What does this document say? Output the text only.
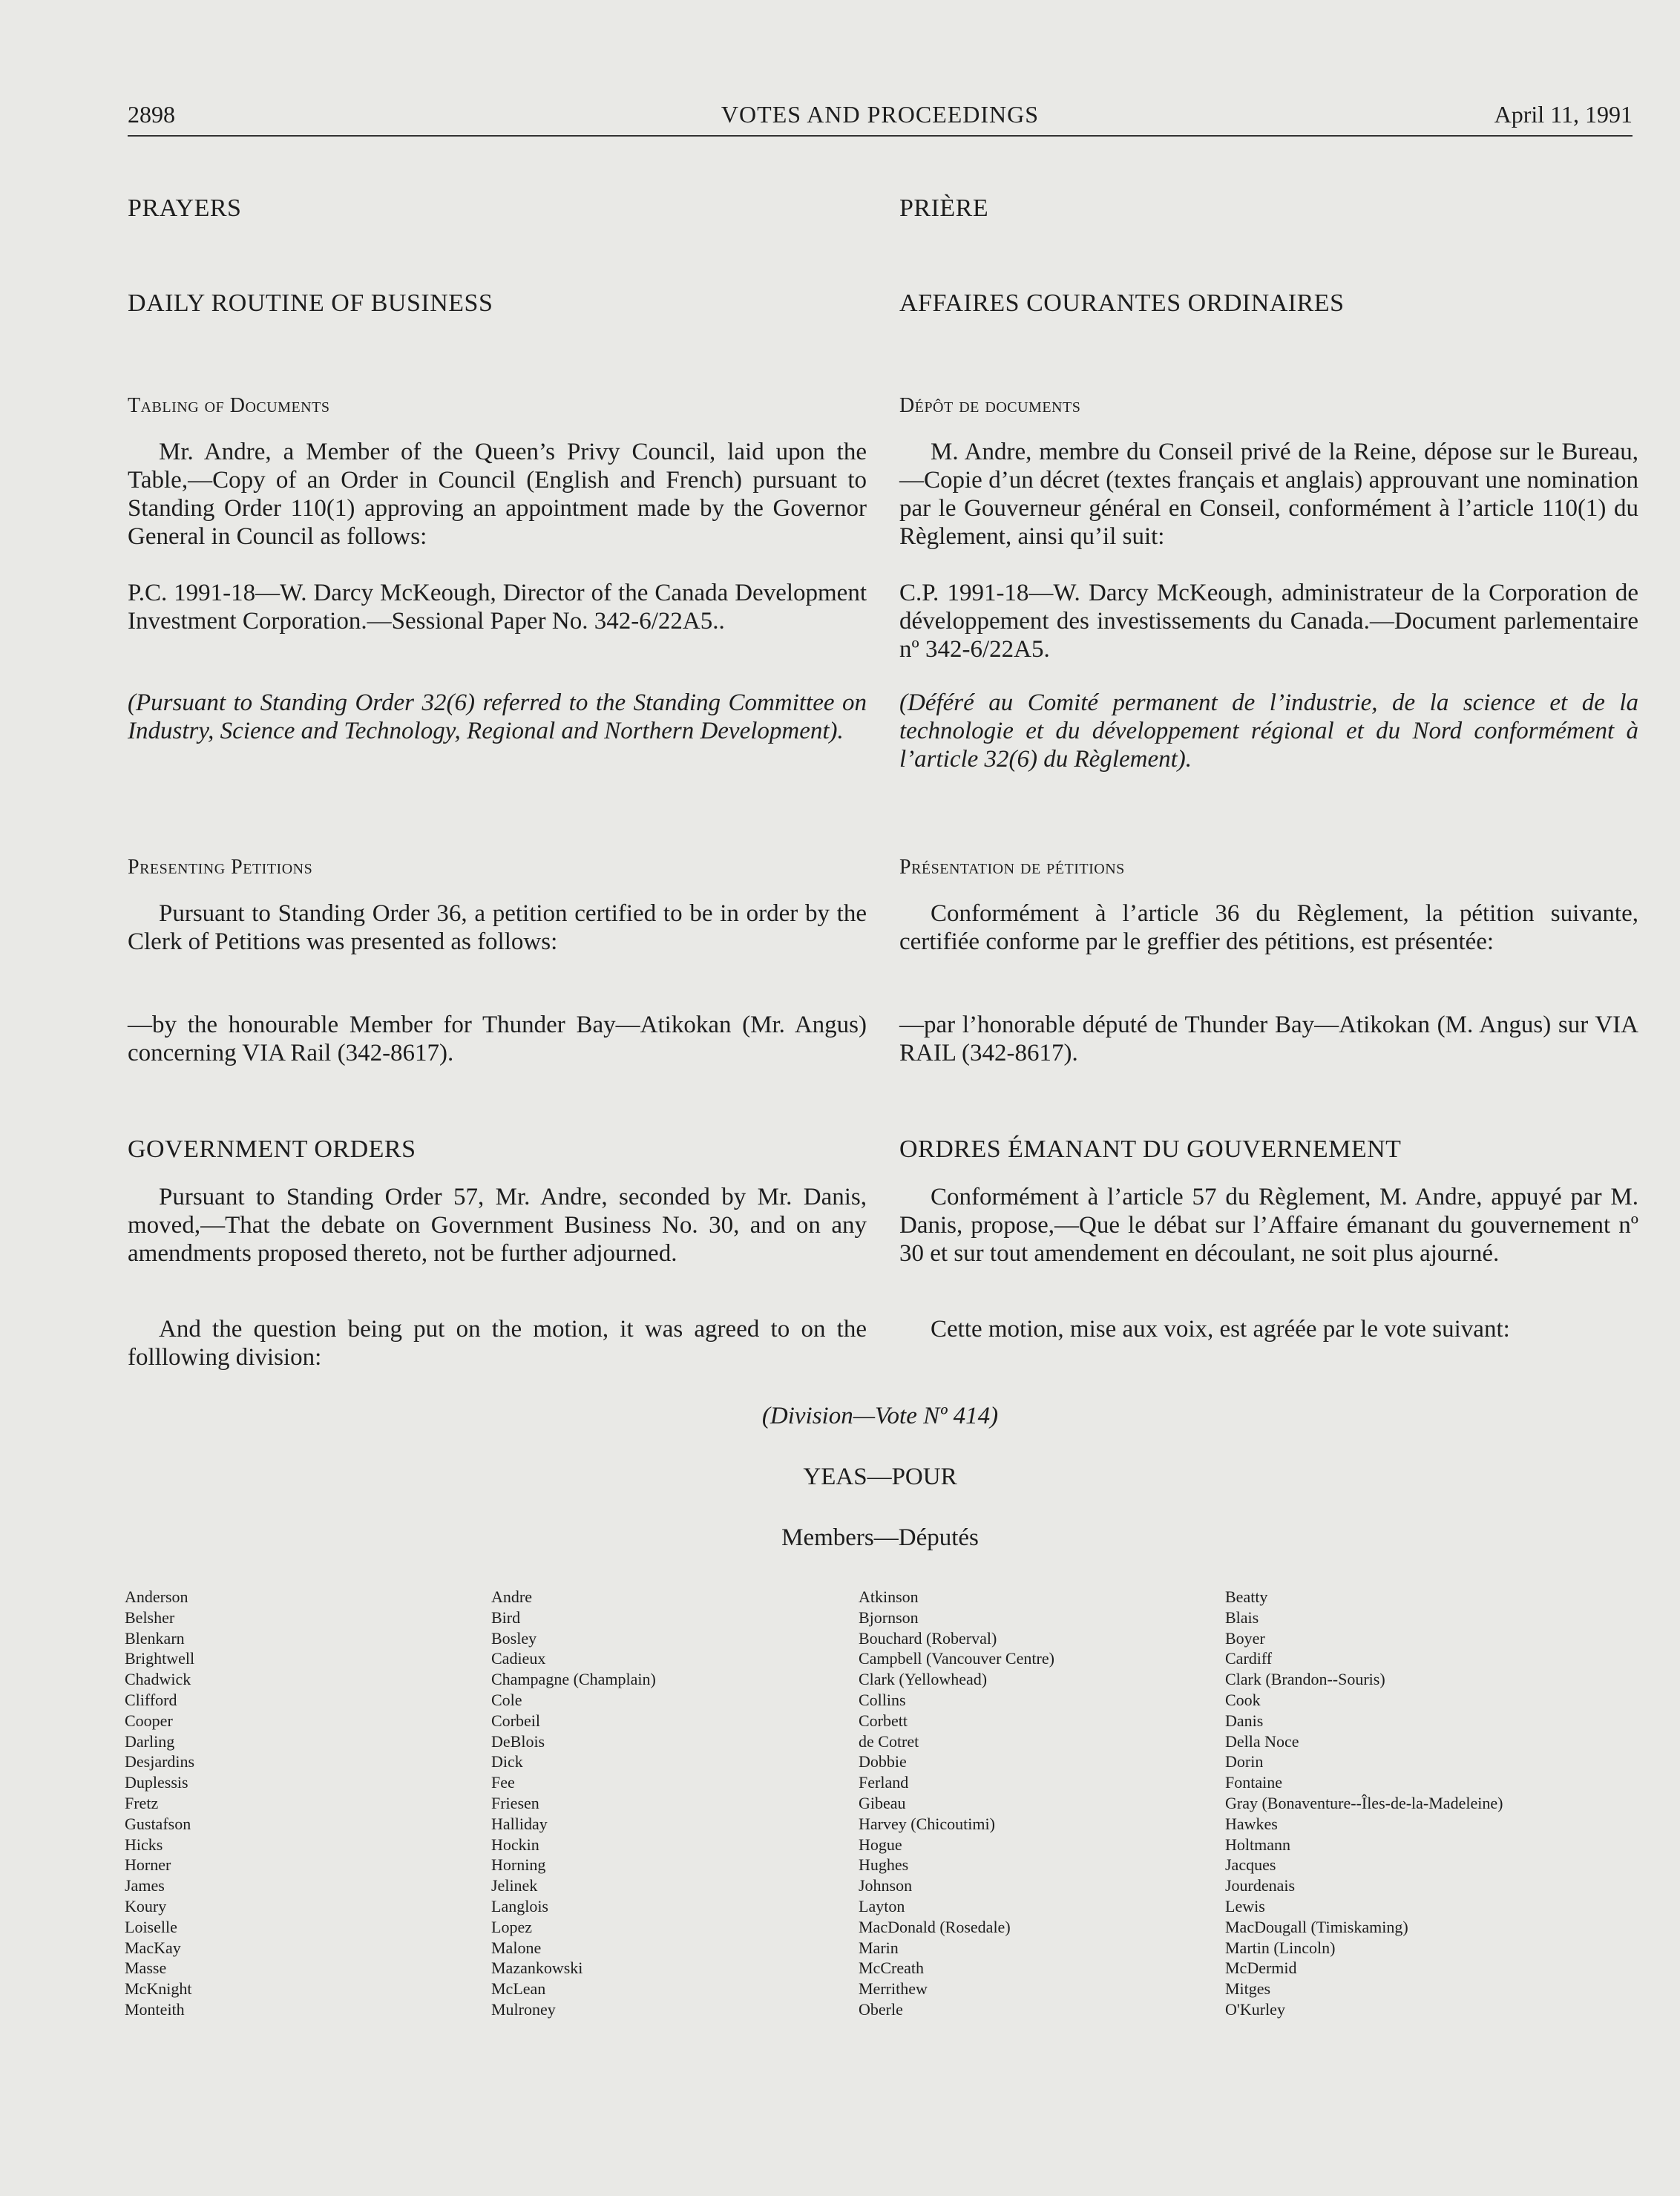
2898	VOTES AND PROCEEDINGS	April 11, 1991
PRAYERS
DAILY ROUTINE OF BUSINESS
Tabling of Documents

Mr. Andre, a Member of the Queen’s Privy Council, laid upon the Table,—Copy of an Order in Council (English and French) pursuant to Standing Order 110(1) approving an appointment made by the Governor General in Council as follows:

P.C. 1991-18—W. Darcy McKeough, Director of the Canada Development Investment Corporation.—Sessional Paper No. 342-6/22A5..

(Pursuant to Standing Order 32(6) referred to the Standing Committee on Industry, Science and Technology, Regional and Northern Development).

Presenting Petitions

Pursuant to Standing Order 36, a petition certified to be in order by the Clerk of Petitions was presented as follows:

—by the honourable Member for Thunder Bay—Atikokan (Mr. Angus) concerning VIA Rail (342-8617).

GOVERNMENT ORDERS

Pursuant to Standing Order 57, Mr. Andre, seconded by Mr. Danis, moved,—That the debate on Government Business No. 30, and on any amendments proposed thereto, not be further adjourned.

And the question being put on the motion, it was agreed to on the folllowing division:

PRIÈRE
AFFAIRES COURANTES ORDINAIRES
Dépôt de documents

M. Andre, membre du Conseil privé de la Reine, dépose sur le Bureau,—Copie d’un décret (textes français et anglais) approuvant une nomination par le Gouverneur général en Conseil, conformément à l’article 110(1) du Règlement, ainsi qu’il suit:

C.P. 1991-18—W. Darcy McKeough, administrateur de la Corporation de développement des investissements du Canada.—Document parlementaire nº 342-6/22A5.

(Déféré au Comité permanent de l’industrie, de la science et de la technologie et du développement régional et du Nord conformément à l’article 32(6) du Règlement).

Présentation de pétitions

Conformément à l’article 36 du Règlement, la pétition suivante, certifiée conforme par le greffier des pétitions, est présentée:

—par l’honorable député de Thunder Bay—Atikokan (M. Angus) sur VIA RAIL (342-8617).

ORDRES ÉMANANT DU GOUVERNEMENT

Conformément à l’article 57 du Règlement, M. Andre, appuyé par M. Danis, propose,—Que le débat sur l’Affaire émanant du gouvernement nº 30 et sur tout amendement en découlant, ne soit plus ajourné.

Cette motion, mise aux voix, est agréée par le vote suivant:

(Division—Vote Nº 414)
YEAS—POUR
Members—Députés
Anderson
Belsher
Blenkarn
Brightwell
Chadwick
Clifford
Cooper
Darling
Desjardins
Duplessis
Fretz
Gustafson
Hicks
Horner
James
Koury
Loiselle
MacKay
Masse
McKnight
Monteith
Andre
Bird
Bosley
Cadieux
Champagne (Champlain)
Cole
Corbeil
DeBlois
Dick
Fee
Friesen
Halliday
Hockin
Horning
Jelinek
Langlois
Lopez
Malone
Mazankowski
McLean
Mulroney
Atkinson
Bjornson
Bouchard (Roberval)
Campbell (Vancouver Centre)
Clark (Yellowhead)
Collins
Corbett
de Cotret
Dobbie
Ferland
Gibeau
Harvey (Chicoutimi)
Hogue
Hughes
Johnson
Layton
MacDonald (Rosedale)
Marin
McCreath
Merrithew
Oberle
Beatty
Blais
Boyer
Cardiff
Clark (Brandon--Souris)
Cook
Danis
Della Noce
Dorin
Fontaine
Gray (Bonaventure--Îles-de-la-Madeleine)
Hawkes
Holtmann
Jacques
Jourdenais
Lewis
MacDougall (Timiskaming)
Martin (Lincoln)
McDermid
Mitges
O'Kurley
